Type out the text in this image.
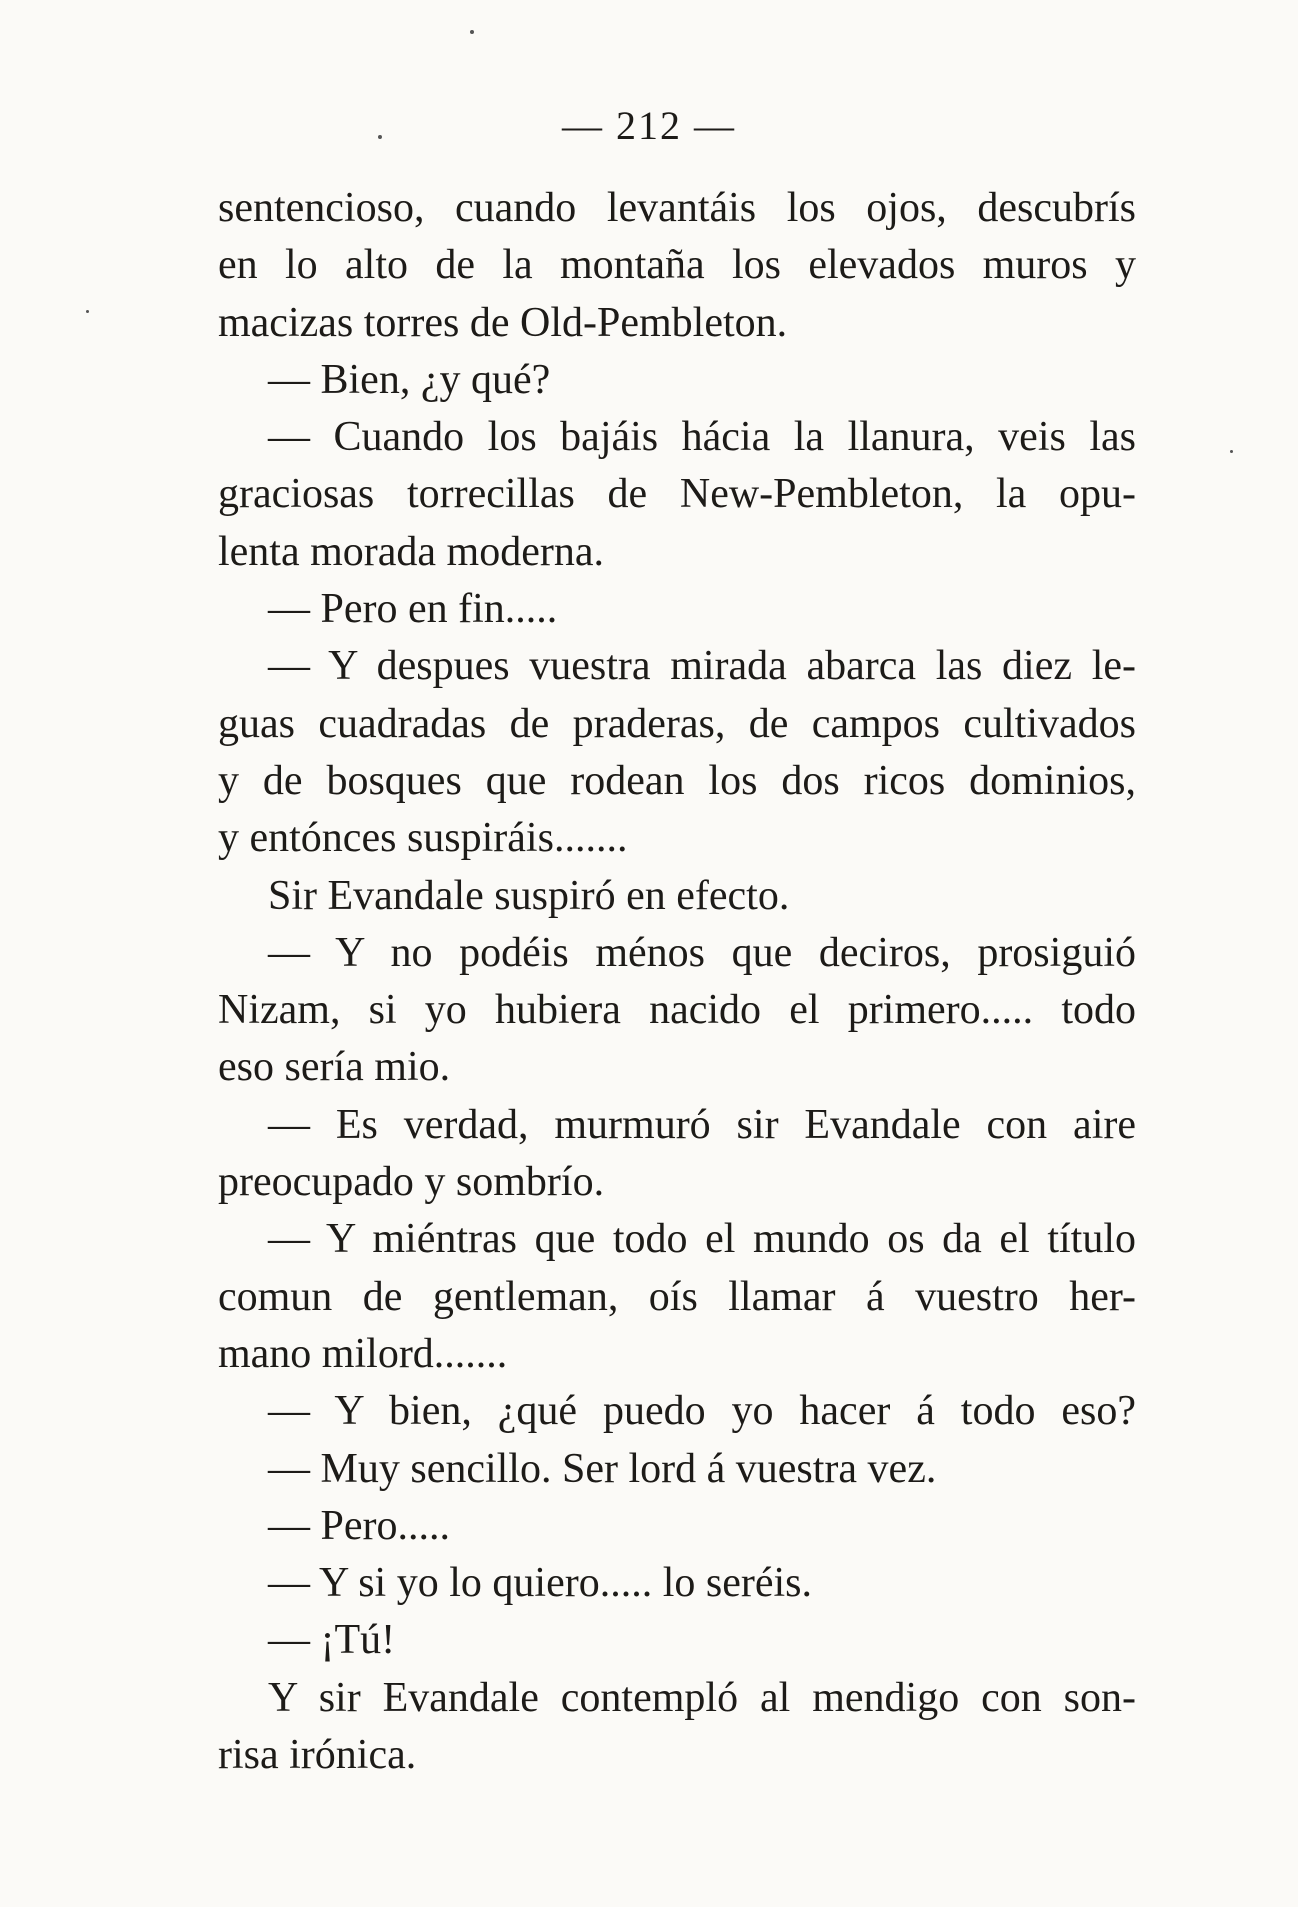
— 212 —
sentencioso, cuando levantáis los ojos, descubrís
en lo alto de la montaña los elevados muros y
macizas torres de Old-Pembleton.
— Bien, ¿y qué?
— Cuando los bajáis hácia la llanura, veis las
graciosas torrecillas de New-Pembleton, la opu-
lenta morada moderna.
— Pero en fin.....
— Y despues vuestra mirada abarca las diez le-
guas cuadradas de praderas, de campos cultivados
y de bosques que rodean los dos ricos dominios,
y entónces suspiráis.......
Sir Evandale suspiró en efecto.
— Y no podéis ménos que deciros, prosiguió
Nizam, si yo hubiera nacido el primero..... todo
eso sería mio.
— Es verdad, murmuró sir Evandale con aire
preocupado y sombrío.
— Y miéntras que todo el mundo os da el título
comun de gentleman, oís llamar á vuestro her-
mano milord.......
— Y bien, ¿qué puedo yo hacer á todo eso?
— Muy sencillo. Ser lord á vuestra vez.
— Pero.....
— Y si yo lo quiero..... lo seréis.
— ¡Tú!
Y sir Evandale contempló al mendigo con son-
risa irónica.
